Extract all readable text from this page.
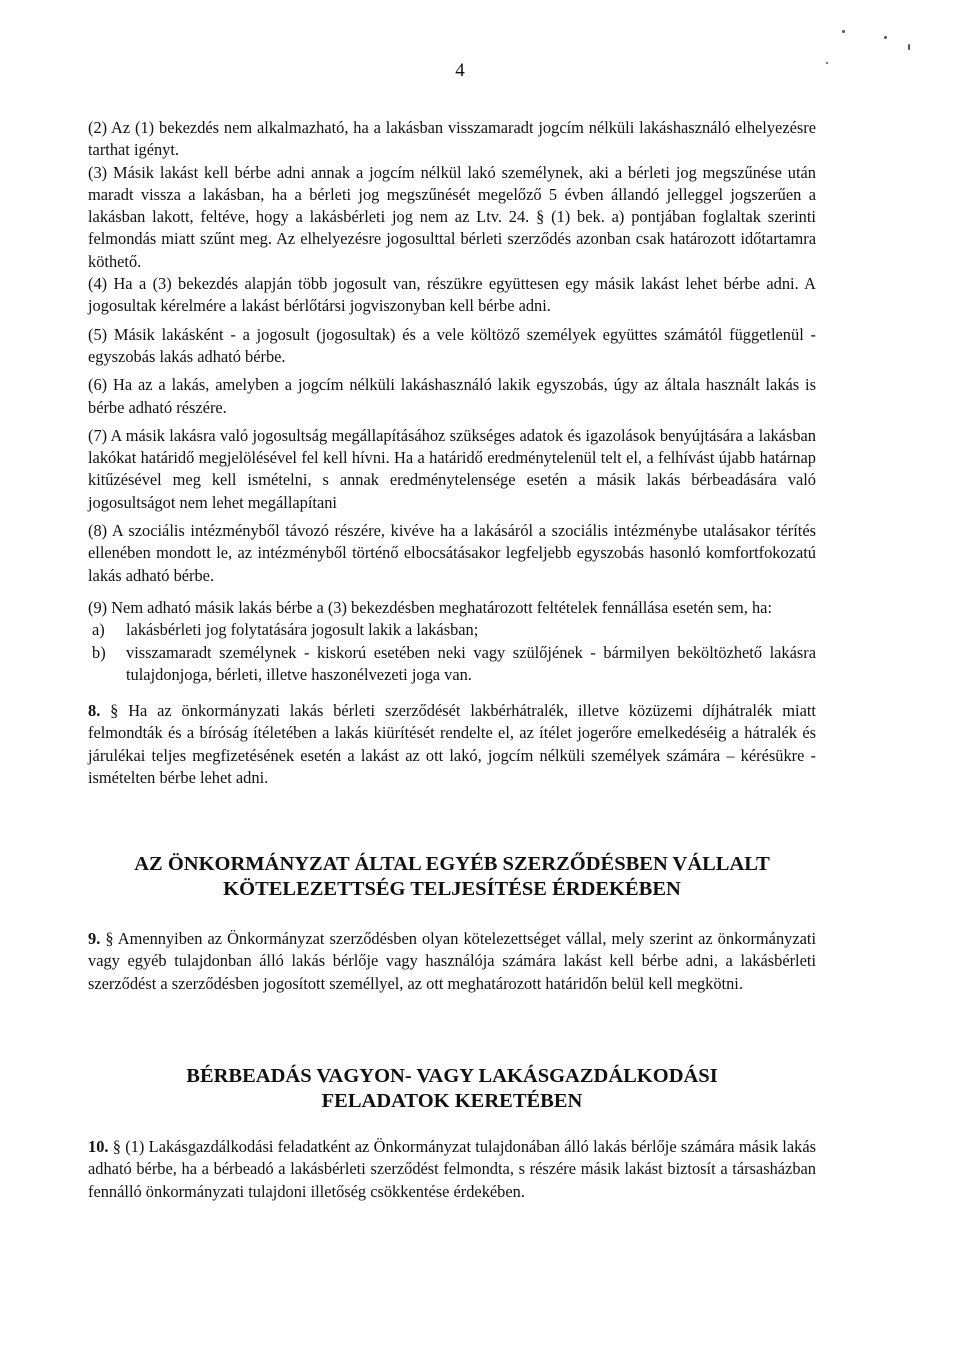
4

(2) Az (1) bekezdés nem alkalmazható, ha a lakásban visszamaradt jogcím nélküli lakáshasználó elhelyezésre tarthat igényt.

(3) Másik lakást kell bérbe adni annak a jogcím nélkül lakó személynek, aki a bérleti jog megszűnése után maradt vissza a lakásban, ha a bérleti jog megszűnését megelőző 5 évben állandó jelleggel jogszerűen a lakásban lakott, feltéve, hogy a lakásbérleti jog nem az Ltv. 24. § (1) bek. a) pontjában foglaltak szerinti felmondás miatt szűnt meg. Az elhelyezésre jogosulttal bérleti szerződés azonban csak határozott időtartamra köthető.

(4) Ha a (3) bekezdés alapján több jogosult van, részükre együttesen egy másik lakást lehet bérbe adni. A jogosultak kérelmére a lakást bérlőtársi jogviszonyban kell bérbe adni.

(5) Másik lakásként - a jogosult (jogosultak) és a vele költöző személyek együttes számától függetlenül - egyszobás lakás adható bérbe.

(6) Ha az a lakás, amelyben a jogcím nélküli lakáshasználó lakik egyszobás, úgy az általa használt lakás is bérbe adható részére.

(7) A másik lakásra való jogosultság megállapításához szükséges adatok és igazolások benyújtására a lakásban lakókat határidő megjelölésével fel kell hívni. Ha a határidő eredménytelenül telt el, a felhívást újabb határnap kitűzésével meg kell ismételni, s annak eredménytelensége esetén a másik lakás bérbeadására való jogosultságot nem lehet megállapítani

(8) A szociális intézményből távozó részére, kivéve ha a lakásáról a szociális intézménybe utalásakor térítés ellenében mondott le, az intézményből történő elbocsátásakor legfeljebb egyszobás hasonló komfortfokozatú lakás adható bérbe.

(9) Nem adható másik lakás bérbe a (3) bekezdésben meghatározott feltételek fennállása esetén sem, ha:

a)	lakásbérleti jog folytatására jogosult lakik a lakásban;
b)	visszamaradt személynek - kiskorú esetében neki vagy szülőjének - bármilyen beköltözhető lakásra tulajdonjoga, bérleti, illetve haszonélvezeti joga van.

8. § Ha az önkormányzati lakás bérleti szerződését lakbérhátralék, illetve közüzemi díjhátralék miatt felmondták és a bíróság ítéletében a lakás kiürítését rendelte el, az ítélet jogerőre emelkedéséig a hátralék és járulékai teljes megfizetésének esetén a lakást az ott lakó, jogcím nélküli személyek számára – kérésükre - ismételten bérbe lehet adni.

AZ ÖNKORMÁNYZAT ÁLTAL EGYÉB SZERZŐDÉSBEN VÁLLALT
KÖTELEZETTSÉG TELJESÍTÉSE ÉRDEKÉBEN

9. § Amennyiben az Önkormányzat szerződésben olyan kötelezettséget vállal, mely szerint az önkormányzati vagy egyéb tulajdonban álló lakás bérlője vagy használója számára lakást kell bérbe adni, a lakásbérleti szerződést a szerződésben jogosított személlyel, az ott meghatározott határidőn belül kell megkötni.

BÉRBEADÁS VAGYON- VAGY LAKÁSGAZDÁLKODÁSI
FELADATOK KERETÉBEN

10. § (1) Lakásgazdálkodási feladatként az Önkormányzat tulajdonában álló lakás bérlője számára másik lakás adható bérbe, ha a bérbeadó a lakásbérleti szerződést felmondta, s részére másik lakást biztosít a társasházban fennálló önkormányzati tulajdoni illetőség csökkentése érdekében.
